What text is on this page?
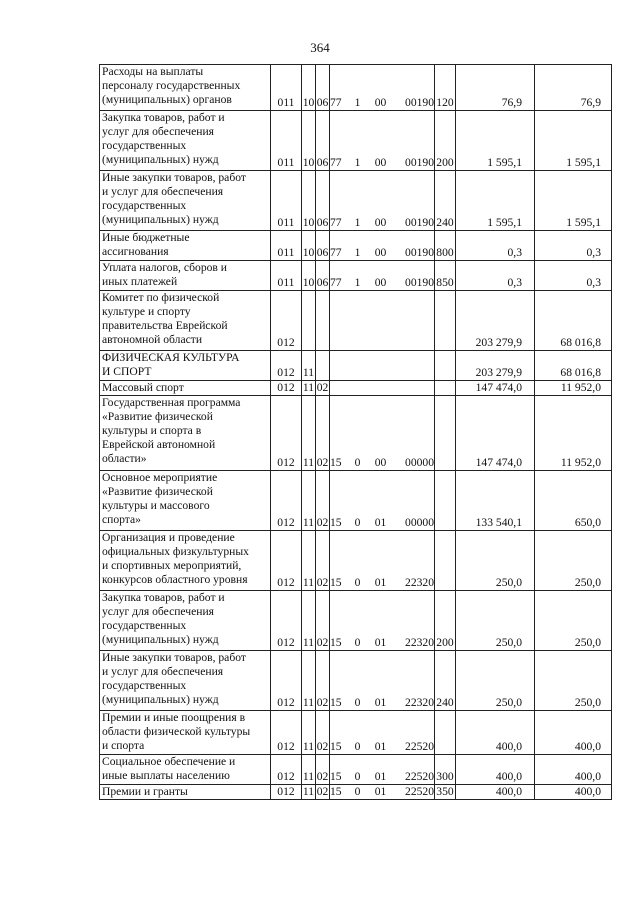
364
Расходы на выплаты
персоналу государственных
(муниципальных) органов	011	10	06	77 1 00 00190	120	76,9	76,9
Закупка товаров, работ и
услуг для обеспечения
государственных
(муниципальных) нужд	011	10	06	77 1 00 00190	200	1 595,1	1 595,1
Иные закупки товаров, работ
и услуг для обеспечения
государственных
(муниципальных) нужд	011	10	06	77 1 00 00190	240	1 595,1	1 595,1
Иные бюджетные
ассигнования	011	10	06	77 1 00 00190	800	0,3	0,3
Уплата налогов, сборов и
иных платежей	011	10	06	77 1 00 00190	850	0,3	0,3
Комитет по физической
культуре и спорту
правительства Еврейской
автономной области	012					203 279,9	68 016,8
ФИЗИЧЕСКАЯ КУЛЬТУРА
И СПОРТ	012	11				203 279,9	68 016,8
Массовый спорт	012	11	02			147 474,0	11 952,0
Государственная программа
«Развитие физической
культуры и спорта в
Еврейской автономной
области»	012	11	02	15 0 00 00000		147 474,0	11 952,0
Основное мероприятие
«Развитие физической
культуры и массового
спорта»	012	11	02	15 0 01 00000		133 540,1	650,0
Организация и проведение
официальных физкультурных
и спортивных мероприятий,
конкурсов областного уровня	012	11	02	15 0 01 22320		250,0	250,0
Закупка товаров, работ и
услуг для обеспечения
государственных
(муниципальных) нужд	012	11	02	15 0 01 22320	200	250,0	250,0
Иные закупки товаров, работ
и услуг для обеспечения
государственных
(муниципальных) нужд	012	11	02	15 0 01 22320	240	250,0	250,0
Премии и иные поощрения в
области физической культуры
и спорта	012	11	02	15 0 01 22520		400,0	400,0
Социальное обеспечение и
иные выплаты населению	012	11	02	15 0 01 22520	300	400,0	400,0
Премии и гранты	012	11	02	15 0 01 22520	350	400,0	400,0
